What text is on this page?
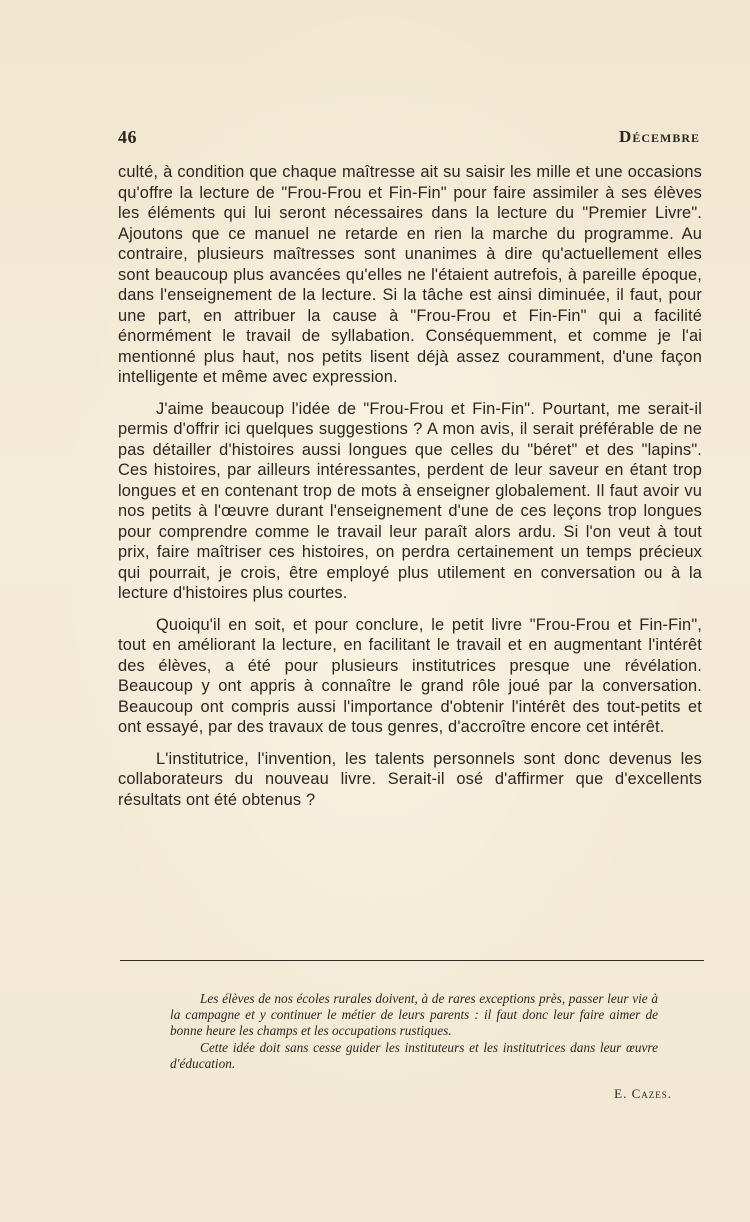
46	Décembre

culté, à condition que chaque maîtresse ait su saisir les mille et une occasions qu'offre la lecture de "Frou-Frou et Fin-Fin" pour faire assimiler à ses élèves les éléments qui lui seront nécessaires dans la lecture du "Premier Livre". Ajoutons que ce manuel ne retarde en rien la marche du programme. Au contraire, plusieurs maîtresses sont unanimes à dire qu'actuellement elles sont beaucoup plus avancées qu'elles ne l'étaient autrefois, à pareille époque, dans l'enseignement de la lecture. Si la tâche est ainsi diminuée, il faut, pour une part, en attribuer la cause à "Frou-Frou et Fin-Fin" qui a facilité énormément le travail de syllabation. Conséquemment, et comme je l'ai mentionné plus haut, nos petits lisent déjà assez couramment, d'une façon intelligente et même avec expression.

J'aime beaucoup l'idée de "Frou-Frou et Fin-Fin". Pourtant, me serait-il permis d'offrir ici quelques suggestions ? A mon avis, il serait préférable de ne pas détailler d'histoires aussi longues que celles du "béret" et des "lapins". Ces histoires, par ailleurs intéressantes, perdent de leur saveur en étant trop longues et en contenant trop de mots à enseigner globalement. Il faut avoir vu nos petits à l'œuvre durant l'enseignement d'une de ces leçons trop longues pour comprendre comme le travail leur paraît alors ardu. Si l'on veut à tout prix, faire maîtriser ces histoires, on perdra certainement un temps précieux qui pourrait, je crois, être employé plus utilement en conversation ou à la lecture d'histoires plus courtes.

Quoiqu'il en soit, et pour conclure, le petit livre "Frou-Frou et Fin-Fin", tout en améliorant la lecture, en facilitant le travail et en augmentant l'intérêt des élèves, a été pour plusieurs institutrices presque une révélation. Beaucoup y ont appris à connaître le grand rôle joué par la conversation. Beaucoup ont compris aussi l'importance d'obtenir l'intérêt des tout-petits et ont essayé, par des travaux de tous genres, d'accroître encore cet intérêt.

L'institutrice, l'invention, les talents personnels sont donc devenus les collaborateurs du nouveau livre. Serait-il osé d'affirmer que d'excellents résultats ont été obtenus ?

Les élèves de nos écoles rurales doivent, à de rares exceptions près, passer leur vie à la campagne et y continuer le métier de leurs parents : il faut donc leur faire aimer de bonne heure les champs et les occupations rustiques.

Cette idée doit sans cesse guider les instituteurs et les institutrices dans leur œuvre d'éducation.

E. Cazes.
